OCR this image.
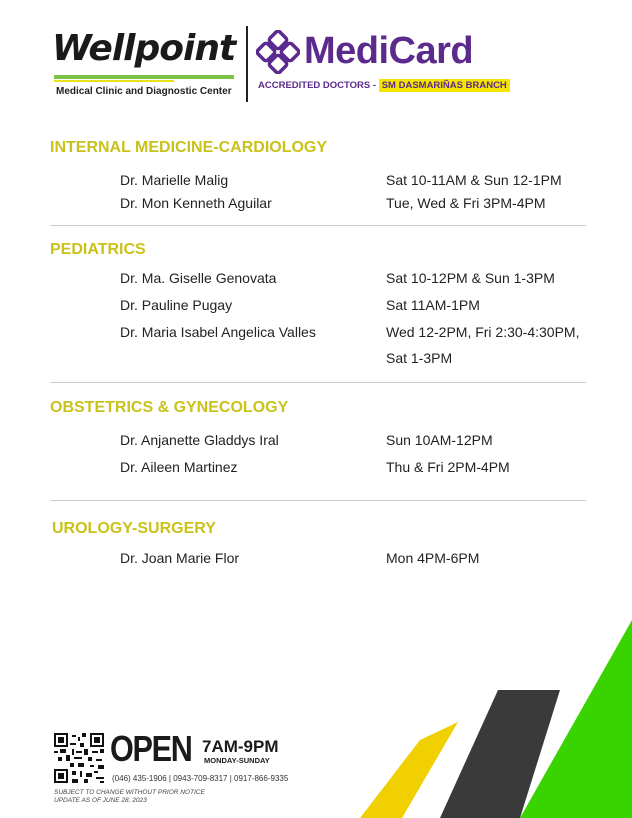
Wellpoint
Medical Clinic and Diagnostic Center
MediCard
ACCREDITED DOCTORS - SM DASMARIÑAS BRANCH
INTERNAL MEDICINE-CARDIOLOGY
Dr. Marielle Malig	Sat 10-11AM & Sun 12-1PM
Dr. Mon Kenneth Aguilar	Tue, Wed & Fri 3PM-4PM
PEDIATRICS
Dr. Ma. Giselle Genovata	Sat 10-12PM & Sun 1-3PM
Dr. Pauline Pugay	Sat 11AM-1PM
Dr. Maria Isabel Angelica Valles	Wed 12-2PM, Fri 2:30-4:30PM,
Sat 1-3PM
OBSTETRICS & GYNECOLOGY
Dr. Anjanette Gladdys Iral	Sun 10AM-12PM
Dr. Aileen Martinez	Thu & Fri 2PM-4PM
UROLOGY-SURGERY
Dr. Joan Marie Flor	Mon 4PM-6PM
OPEN 7AM-9PM
MONDAY-SUNDAY
(046) 435-1906 | 0943-709-8317 | 0917-866-9335
SUBJECT TO CHANGE WITHOUT PRIOR NOTICE
UPDATE AS OF JUNE 28, 2023
